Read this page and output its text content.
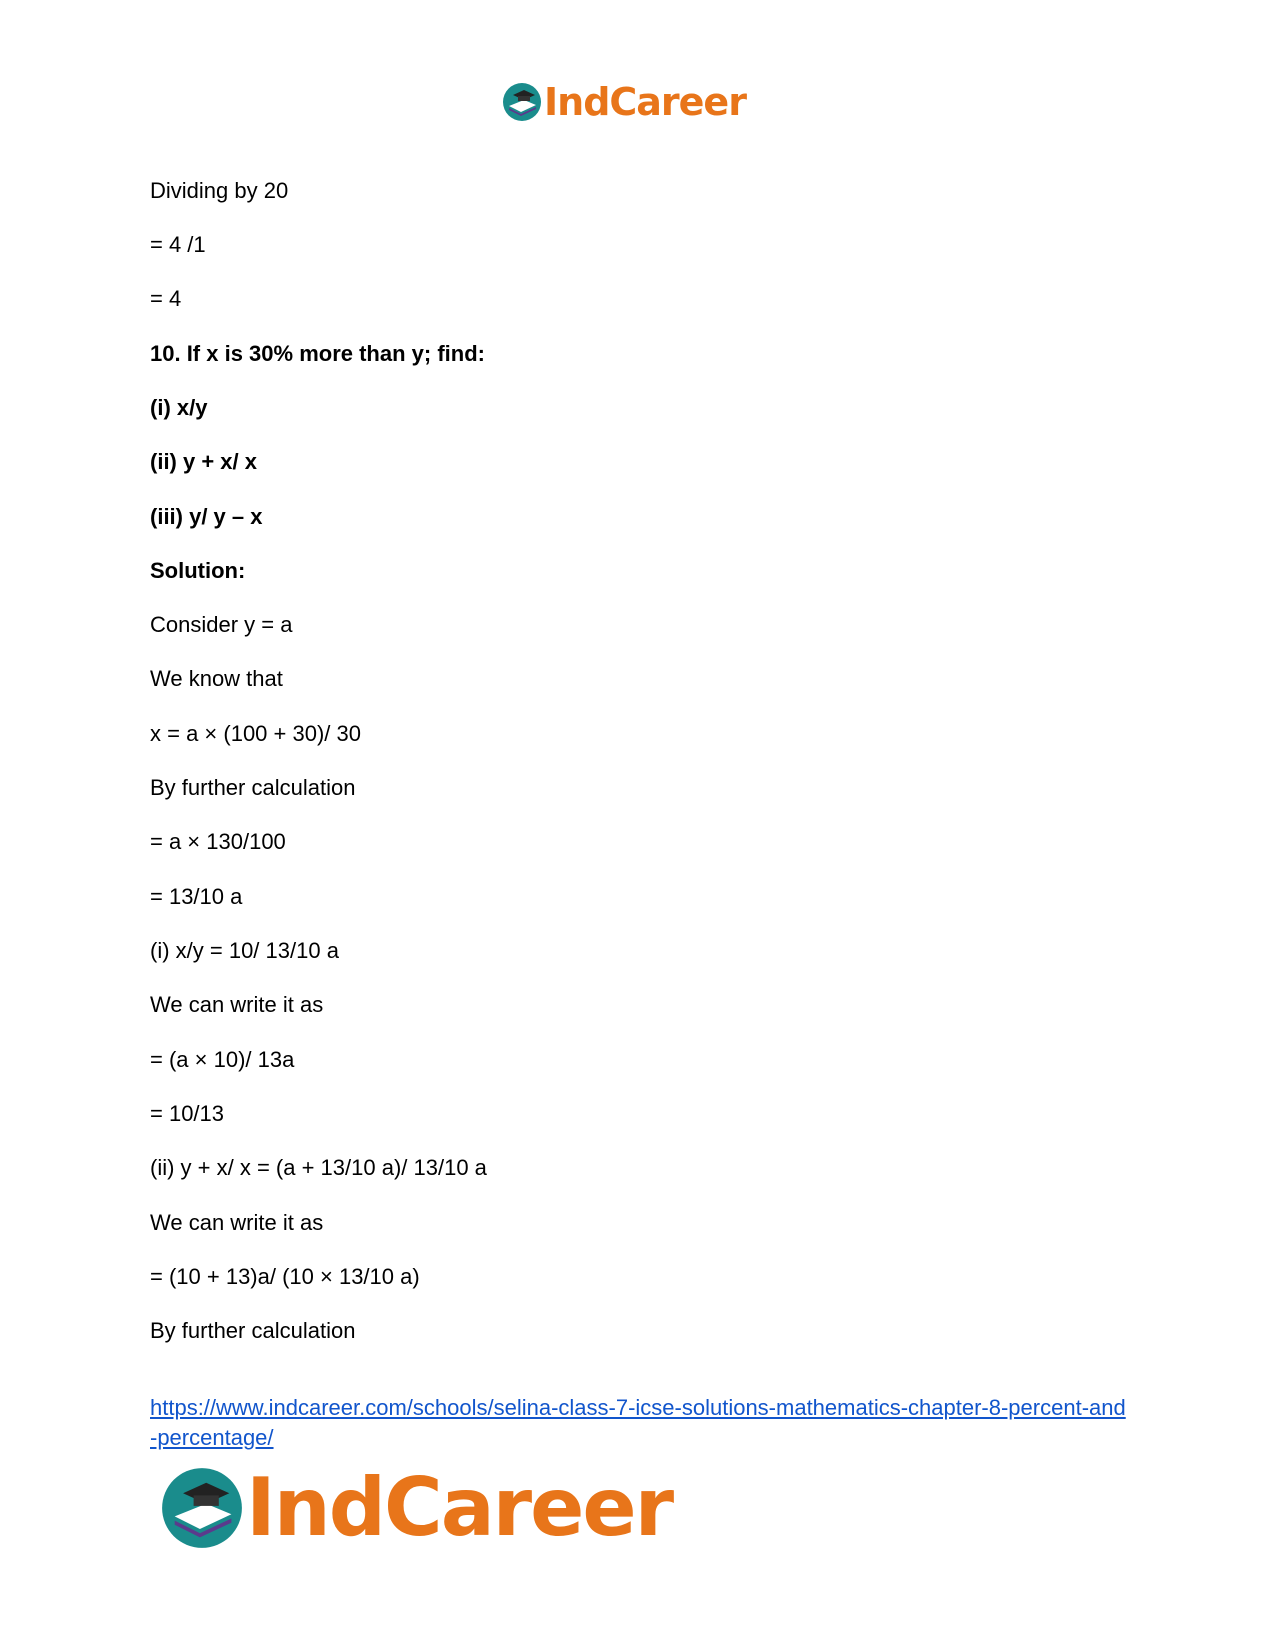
IndCareer
Dividing by 20
= 4 /1
= 4
10. If x is 30% more than y; find:
(i) x/y
(ii) y + x/ x
(iii) y/ y – x
Solution:
Consider y = a
We know that
x = a × (100 + 30)/ 30
By further calculation
= a × 130/100
= 13/10 a
(i) x/y = 10/ 13/10 a
We can write it as
= (a × 10)/ 13a
= 10/13
(ii) y + x/ x = (a + 13/10 a)/ 13/10 a
We can write it as
= (10 + 13)a/ (10 × 13/10 a)
By further calculation
https://www.indcareer.com/schools/selina-class-7-icse-solutions-mathematics-chapter-8-percent-and-percentage/
IndCareer
